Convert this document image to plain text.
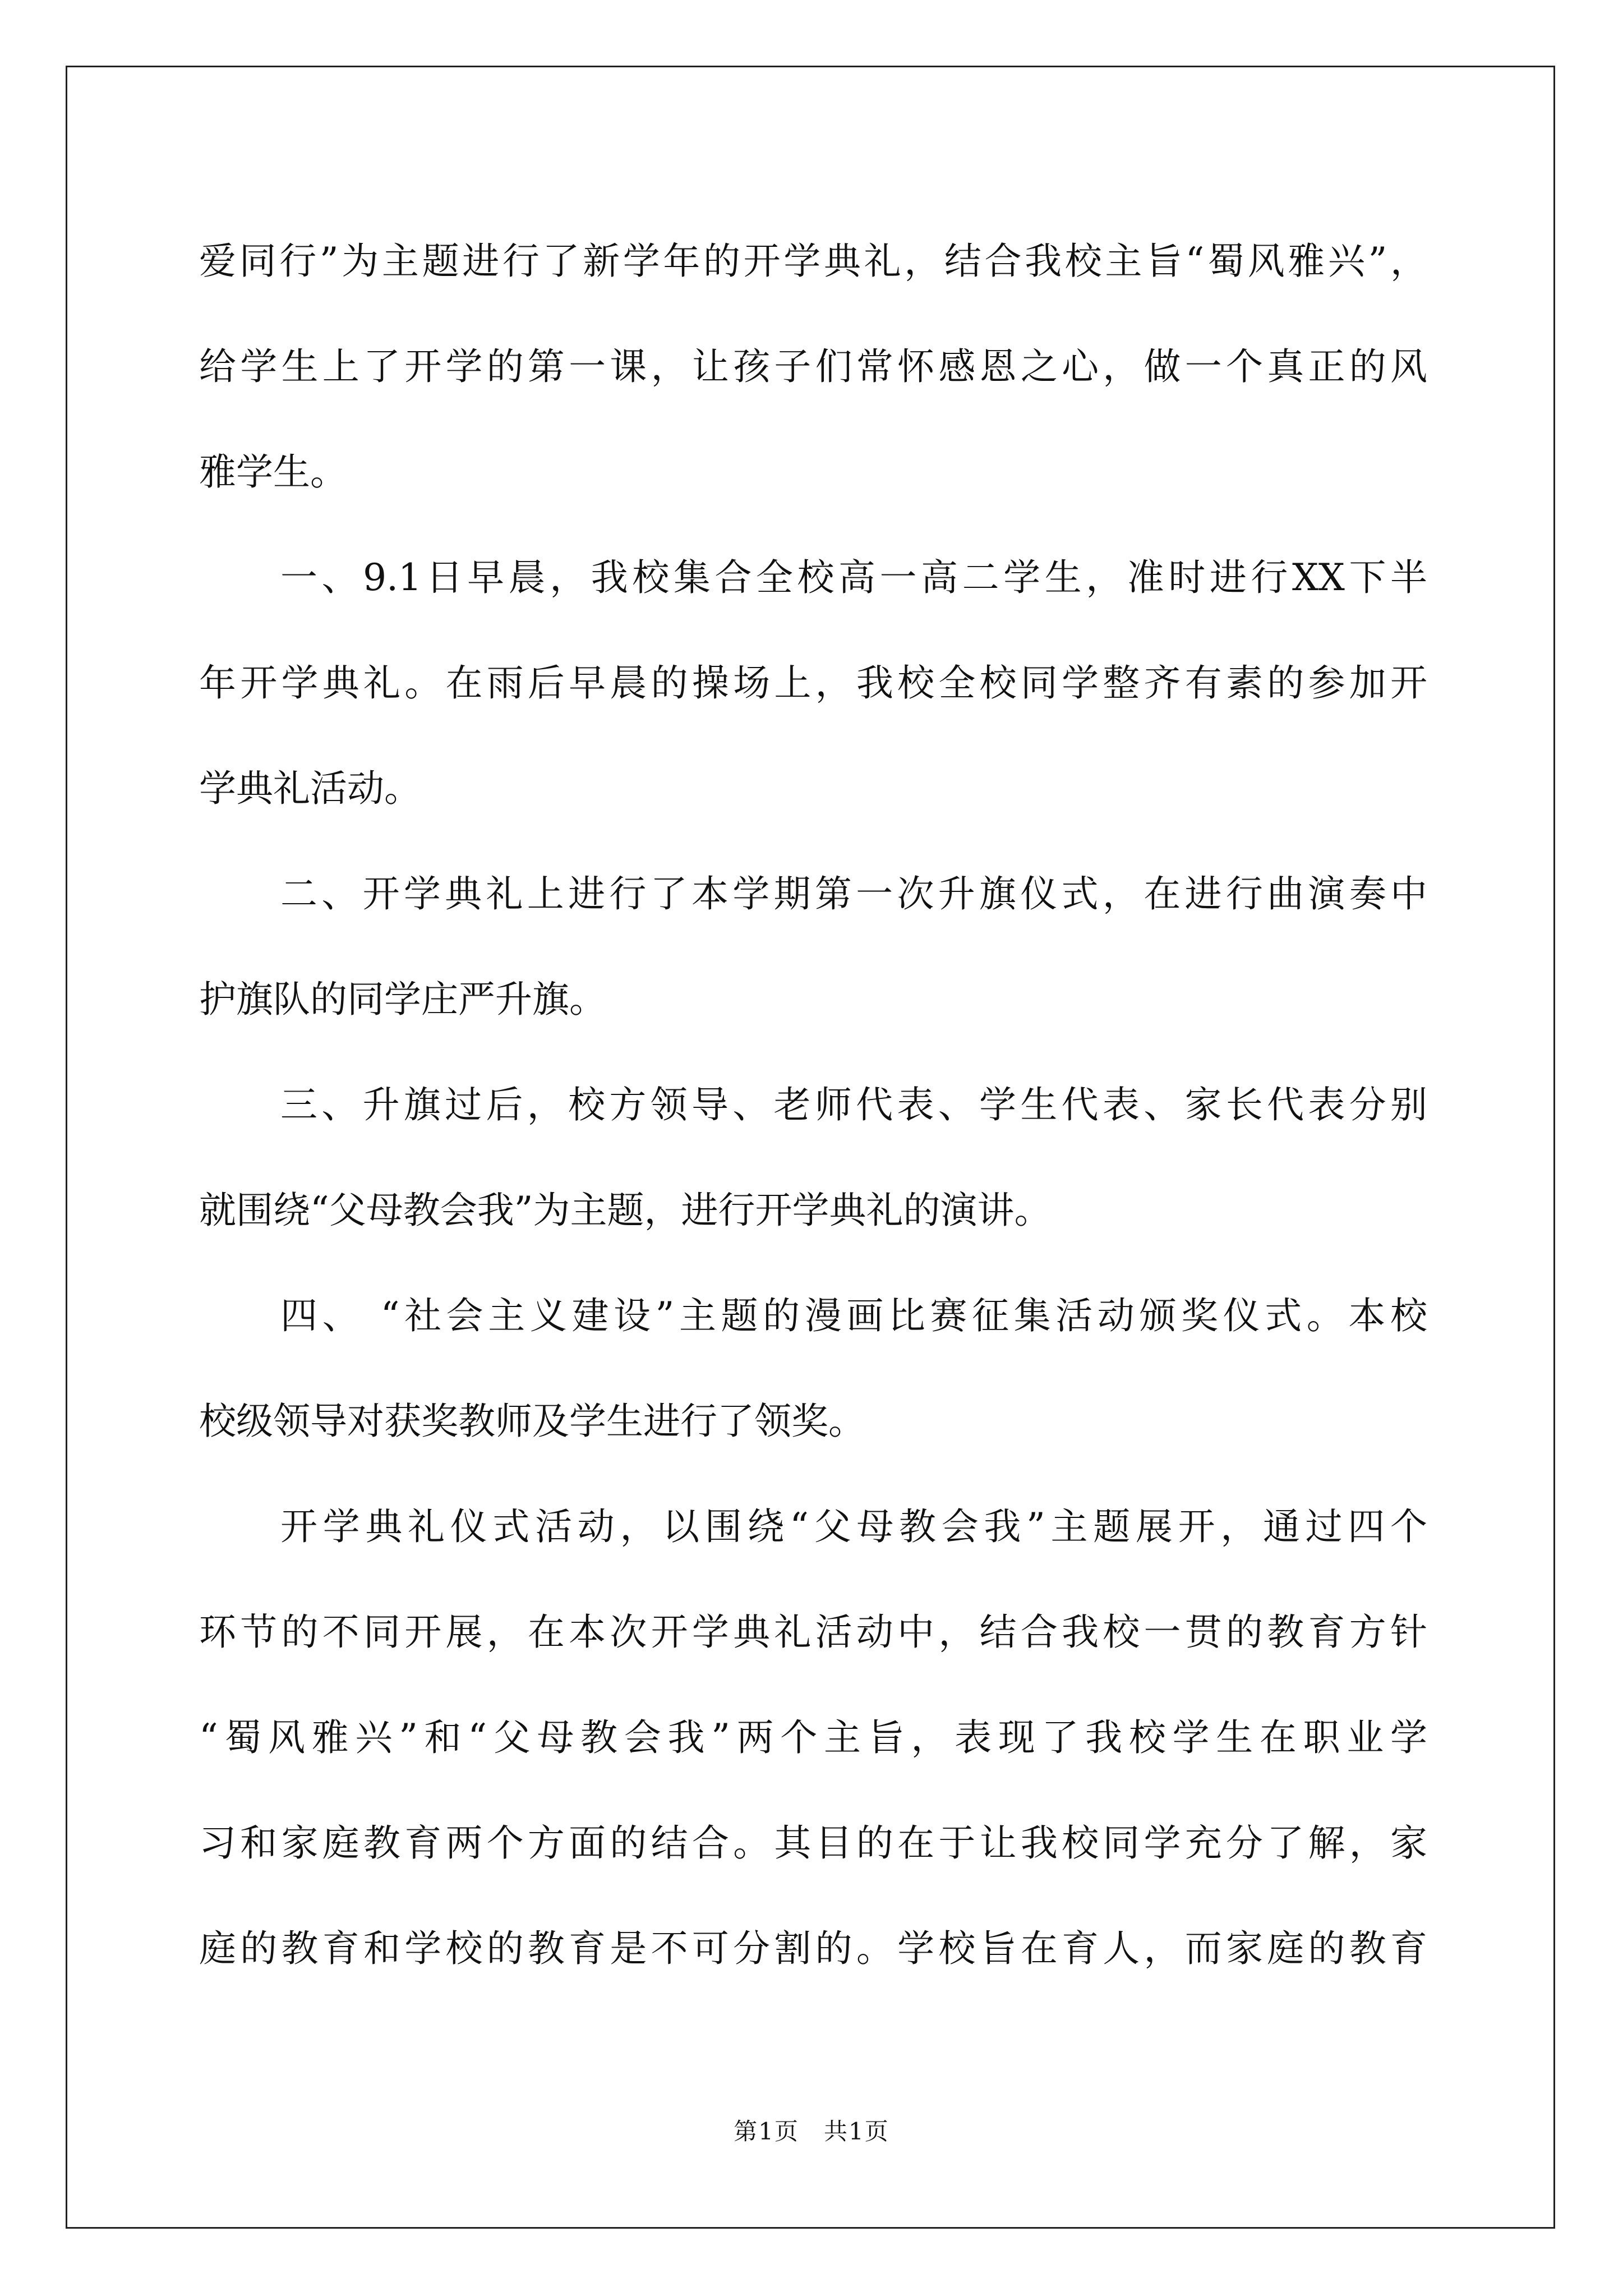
爱同行”为主题进行了新学年的开学典礼，结合我校主旨“蜀风雅兴”，
给学生上了开学的第一课，让孩子们常怀感恩之心，做一个真正的风
雅学生。
一、9.1日早晨，我校集合全校高一高二学生，准时进行XX下半
年开学典礼。在雨后早晨的操场上，我校全校同学整齐有素的参加开
学典礼活动。
二、开学典礼上进行了本学期第一次升旗仪式，在进行曲演奏中
护旗队的同学庄严升旗。
三、升旗过后，校方领导、老师代表、学生代表、家长代表分别
就围绕“父母教会我”为主题，进行开学典礼的演讲。
四、 “社会主义建设”主题的漫画比赛征集活动颁奖仪式。本校
校级领导对获奖教师及学生进行了领奖。
开学典礼仪式活动，以围绕“父母教会我”主题展开，通过四个
环节的不同开展，在本次开学典礼活动中，结合我校一贯的教育方针
“蜀风雅兴”和“父母教会我”两个主旨，表现了我校学生在职业学
习和家庭教育两个方面的结合。其目的在于让我校同学充分了解，家
庭的教育和学校的教育是不可分割的。学校旨在育人，而家庭的教育
第1页　共1页
